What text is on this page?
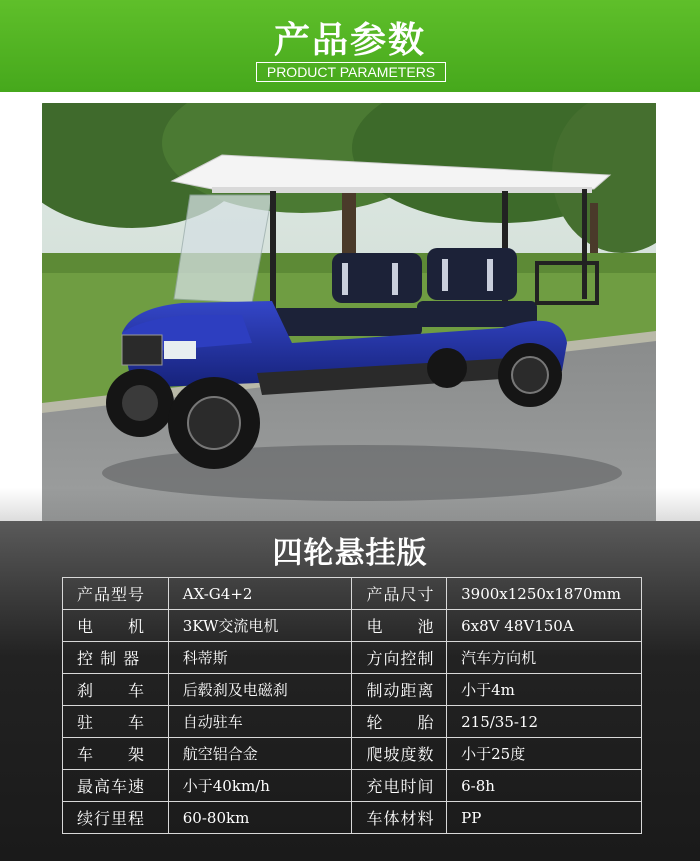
产品参数
PRODUCT PARAMETERS
四轮悬挂版
产品型号	AX-G4+2	产品尺寸	3900x1250x1870mm
电　　机	3KW交流电机	电　　池	6x8V 48V150A
控 制 器	科蒂斯	方向控制	汽车方向机
刹　　车	后毂刹及电磁刹	制动距离	小于4m
驻　　车	自动驻车	轮　　胎	215/35-12
车　　架	航空铝合金	爬坡度数	小于25度
最高车速	小于40km/h	充电时间	6-8h
续行里程	60-80km	车体材料	PP
